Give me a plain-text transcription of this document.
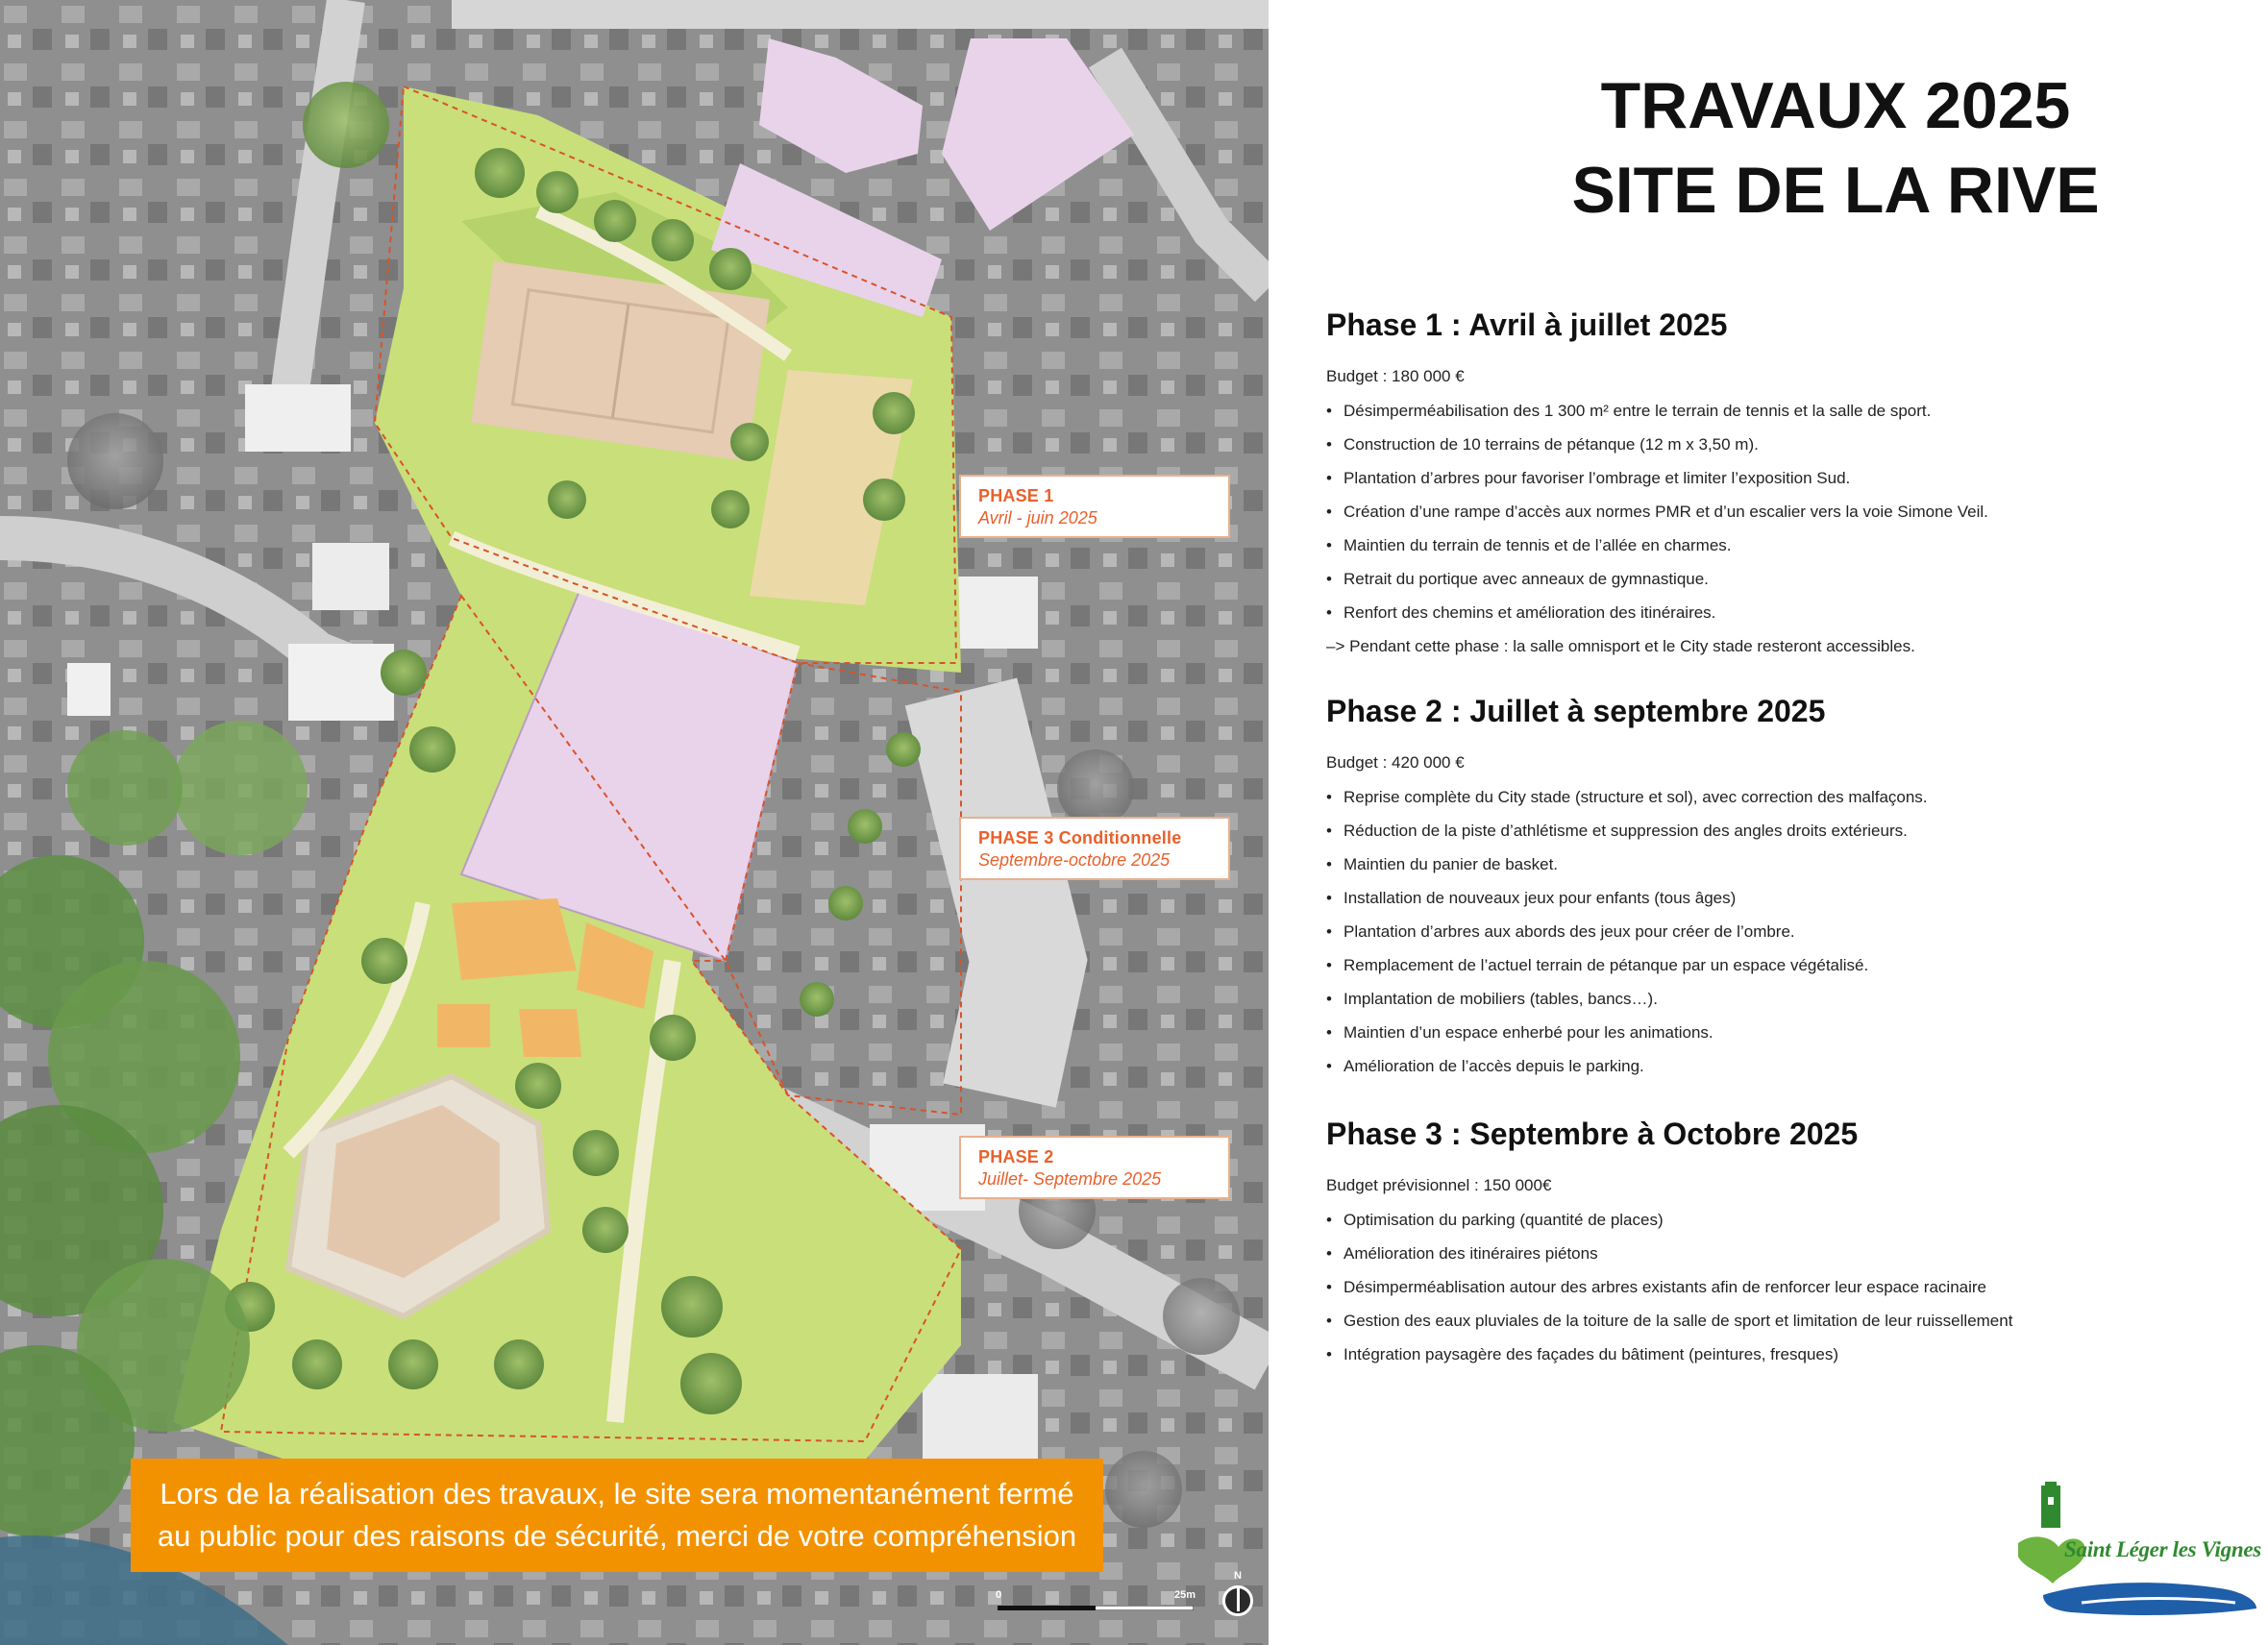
PHASE 1
Avril - juin 2025
PHASE 3 Conditionnelle
Septembre-octobre 2025
PHASE 2
Juillet- Septembre 2025
Lors de la réalisation des travaux, le site sera momentanément fermé
au public pour des raisons de sécurité, merci de votre compréhension
0	25m
N
TRAVAUX 2025
SITE DE LA RIVE
Phase 1 : Avril à juillet 2025
Budget : 180 000 €
• Désimperméabilisation des 1 300 m² entre le terrain de tennis et la salle de sport.
• Construction de 10 terrains de pétanque (12 m x 3,50 m).
• Plantation d’arbres pour favoriser l’ombrage et limiter l’exposition Sud.
• Création d’une rampe d’accès aux normes PMR et d’un escalier vers la voie Simone Veil.
• Maintien du terrain de tennis et de l’allée en charmes.
• Retrait du portique avec anneaux de gymnastique.
• Renfort des chemins et amélioration des itinéraires.
–> Pendant cette phase : la salle omnisport et le City stade resteront accessibles.
Phase 2 : Juillet à septembre 2025
Budget : 420 000 €
• Reprise complète du City stade (structure et sol), avec correction des malfaçons.
• Réduction de la piste d’athlétisme et suppression des angles droits extérieurs.
• Maintien du panier de basket.
• Installation de nouveaux jeux pour enfants (tous âges)
• Plantation d’arbres aux abords des jeux pour créer de l’ombre.
• Remplacement de l’actuel terrain de pétanque par un espace végétalisé.
• Implantation de mobiliers (tables, bancs…).
• Maintien d’un espace enherbé pour les animations.
• Amélioration de l’accès depuis le parking.
Phase 3 : Septembre à Octobre 2025
Budget prévisionnel : 150 000€
• Optimisation du parking (quantité de places)
• Amélioration des itinéraires piétons
• Désimperméablisation autour des arbres existants afin de renforcer leur espace racinaire
• Gestion des eaux pluviales de la toiture de la salle de sport et limitation de leur ruissellement
• Intégration paysagère des façades du bâtiment (peintures, fresques)
Saint Léger les Vignes
